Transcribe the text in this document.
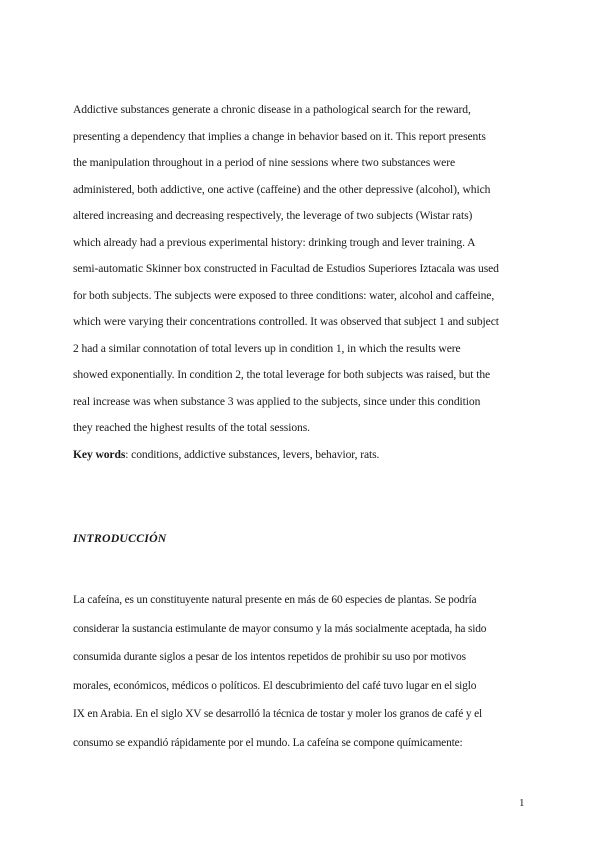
Addictive substances generate a chronic disease in a pathological search for the reward,

presenting a dependency that implies a change in behavior based on it. This report presents

the manipulation throughout in a period of nine sessions where two substances were

administered, both addictive, one active (caffeine) and the other depressive (alcohol), which

altered increasing and decreasing respectively, the leverage of two subjects (Wistar rats)

which already had a previous experimental history: drinking trough and lever training. A

semi-automatic Skinner box constructed in Facultad de Estudios Superiores Iztacala was used

for both subjects. The subjects were exposed to three conditions: water, alcohol and caffeine,

which were varying their concentrations controlled. It was observed that subject 1 and subject

2 had a similar connotation of total levers up in condition 1, in which the results were

showed exponentially. In condition 2, the total leverage for both subjects was raised, but the

real increase was when substance 3 was applied to the subjects, since under this condition

they reached the highest results of the total sessions.

Key words: conditions, addictive substances, levers, behavior, rats.

INTRODUCCIÓN

La cafeína, es un constituyente natural presente en más de 60 especies de plantas. Se podría

considerar la sustancia estimulante de mayor consumo y la más socialmente aceptada, ha sido

consumida durante siglos a pesar de los intentos repetidos de prohibir su uso por motivos

morales, económicos, médicos o políticos. El descubrimiento del café tuvo lugar en el siglo

IX en Arabia. En el siglo XV se desarrolló la técnica de tostar y moler los granos de café y el

consumo se expandió rápidamente por el mundo. La cafeína se compone químicamente:

1
